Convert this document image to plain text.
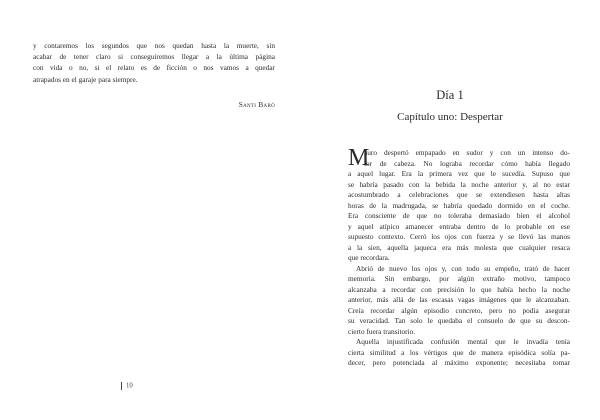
y contaremos los segundos que nos quedan hasta la muerte, sin
acabar de tener claro si conseguiremos llegar a la última página
con vida o no, si el relato es de ficción o nos vamos a quedar
atrapados en el garaje para siempre.
Santi Baró
10
Día 1
Capítulo uno: Despertar
M
auro despertó empapado en sudor y con un intenso do-
lor de cabeza. No lograba recordar cómo había llegado
a aquel lugar. Era la primera vez que le sucedía. Supuso que
se habría pasado con la bebida la noche anterior y, al no estar
acostumbrado a celebraciones que se extendiesen hasta altas
horas de la madrugada, se habría quedado dormido en el coche.
Era consciente de que no toleraba demasiado bien el alcohol
y aquel atípico amanecer entraba dentro de lo probable en ese
supuesto contexto. Cerró los ojos con fuerza y se llevó las manos
a la sien, aquella jaqueca era más molesta que cualquier resaca
que recordara.
Abrió de nuevo los ojos y, con todo su empeño, trató de hacer
memoria. Sin embargo, por algún extraño motivo, tampoco
alcanzaba a recordar con precisión lo que había hecho la noche
anterior, más allá de las escasas vagas imágenes que le alcanzaban.
Creía recordar algún episodio concreto, pero no podía asegurar
su veracidad. Tan solo le quedaba el consuelo de que su descon-
cierto fuera transitorio.
Aquella injustificada confusión mental que le invadía tenía
cierta similitud a los vértigos que de manera episódica solía pa-
decer, pero potenciada al máximo exponente; necesitaba tomar
